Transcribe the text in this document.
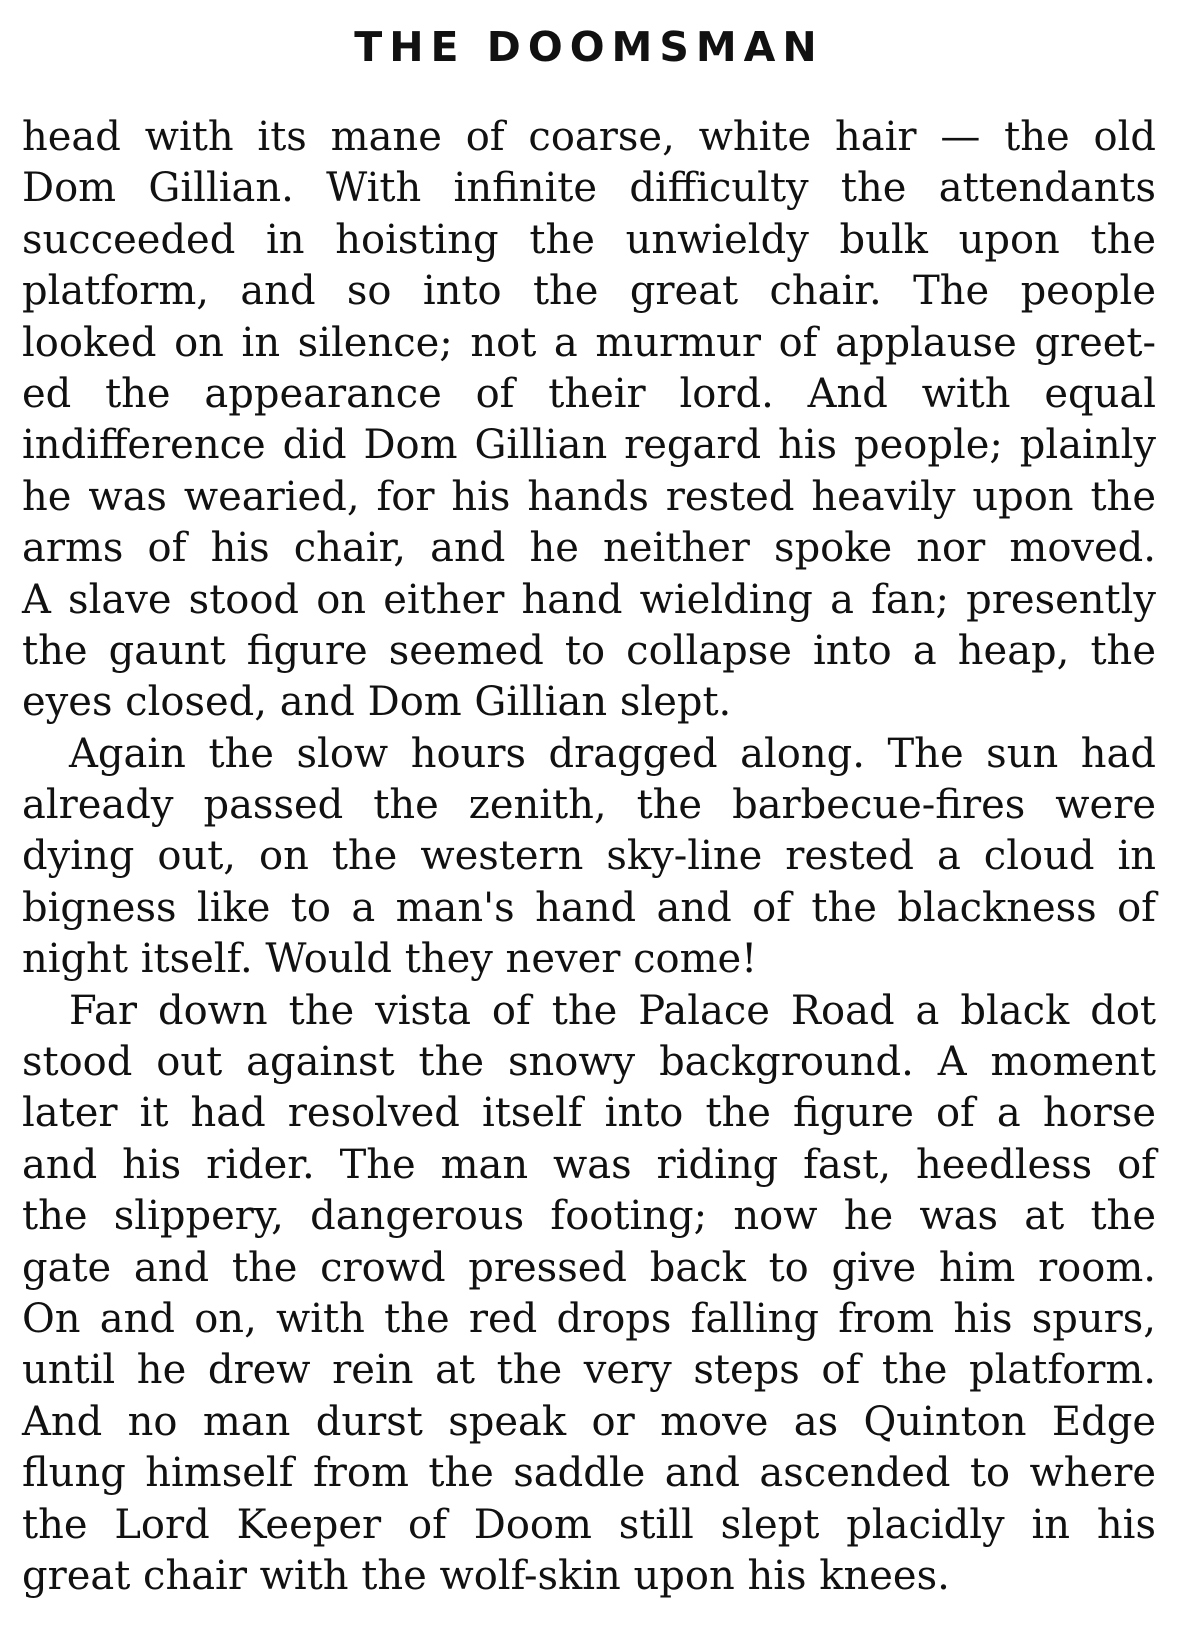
THE DOOMSMAN
head with its mane of coarse, white hair — the old
Dom Gillian. With infinite difficulty the attendants
succeeded in hoisting the unwieldy bulk upon the
platform, and so into the great chair. The people
looked on in silence; not a murmur of applause greet-
ed the appearance of their lord. And with equal
indifference did Dom Gillian regard his people; plainly
he was wearied, for his hands rested heavily upon the
arms of his chair, and he neither spoke nor moved.
A slave stood on either hand wielding a fan; presently
the gaunt figure seemed to collapse into a heap, the
eyes closed, and Dom Gillian slept.
Again the slow hours dragged along. The sun had
already passed the zenith, the barbecue-fires were
dying out, on the western sky-line rested a cloud in
bigness like to a man's hand and of the blackness of
night itself. Would they never come!
Far down the vista of the Palace Road a black dot
stood out against the snowy background. A moment
later it had resolved itself into the figure of a horse
and his rider. The man was riding fast, heedless of
the slippery, dangerous footing; now he was at the
gate and the crowd pressed back to give him room.
On and on, with the red drops falling from his spurs,
until he drew rein at the very steps of the platform.
And no man durst speak or move as Quinton Edge
flung himself from the saddle and ascended to where
the Lord Keeper of Doom still slept placidly in his
great chair with the wolf-skin upon his knees.
